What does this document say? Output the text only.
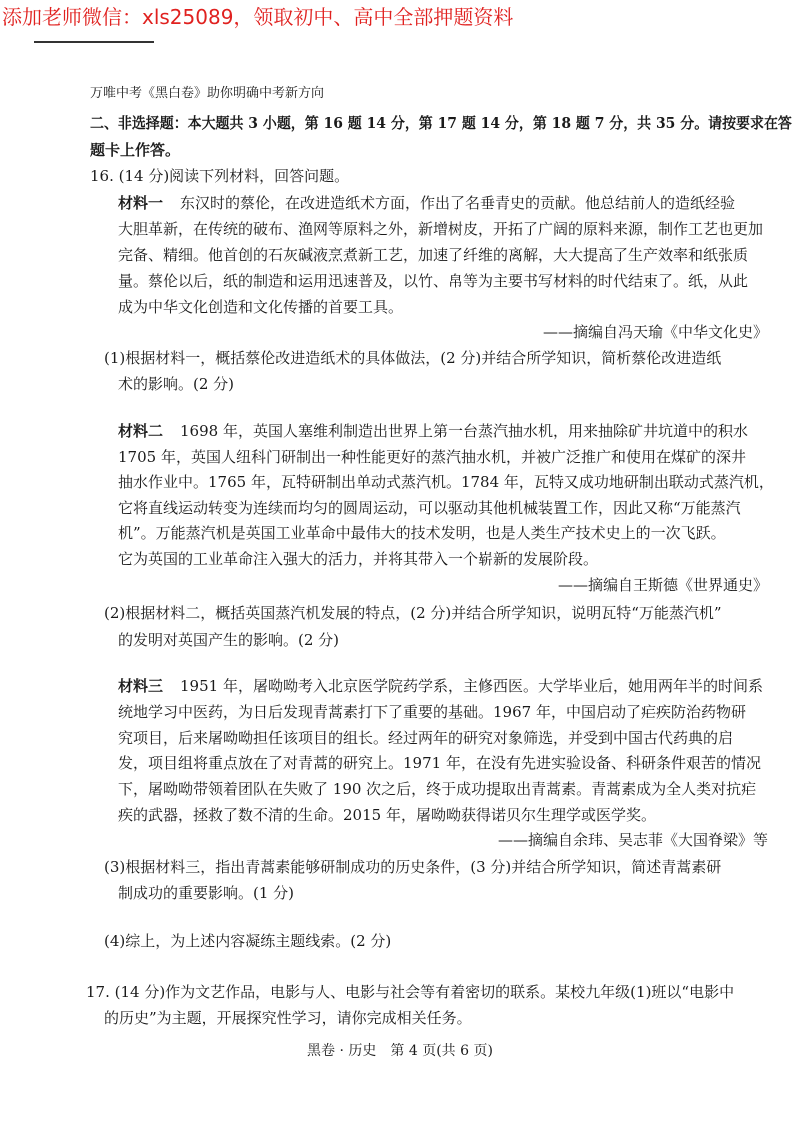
添加老师微信：xls25089，领取初中、高中全部押题资料
万唯中考《黑白卷》助你明确中考新方向
二、非选择题：本大题共 3 小题，第 16 题 14 分，第 17 题 14 分，第 18 题 7 分，共 35 分。请按要求在答
题卡上作答。
16. (14 分)阅读下列材料，回答问题。
材料一 东汉时的蔡伦，在改进造纸术方面，作出了名垂青史的贡献。他总结前人的造纸经验
大胆革新，在传统的破布、渔网等原料之外，新增树皮，开拓了广阔的原料来源，制作工艺也更加
完备、精细。他首创的石灰碱液烹煮新工艺，加速了纤维的离解，大大提高了生产效率和纸张质
量。蔡伦以后，纸的制造和运用迅速普及，以竹、帛等为主要书写材料的时代结束了。纸，从此
成为中华文化创造和文化传播的首要工具。
——摘编自冯天瑜《中华文化史》
(1)根据材料一，概括蔡伦改进造纸术的具体做法，(2 分)并结合所学知识，简析蔡伦改进造纸
术的影响。(2 分)
材料二 1698 年，英国人塞维利制造出世界上第一台蒸汽抽水机，用来抽除矿井坑道中的积水
1705 年，英国人纽科门研制出一种性能更好的蒸汽抽水机，并被广泛推广和使用在煤矿的深井
抽水作业中。1765 年，瓦特研制出单动式蒸汽机。1784 年，瓦特又成功地研制出联动式蒸汽机，
它将直线运动转变为连续而均匀的圆周运动，可以驱动其他机械装置工作，因此又称“万能蒸汽
机”。万能蒸汽机是英国工业革命中最伟大的技术发明，也是人类生产技术史上的一次飞跃。
它为英国的工业革命注入强大的活力，并将其带入一个崭新的发展阶段。
——摘编自王斯德《世界通史》
(2)根据材料二，概括英国蒸汽机发展的特点，(2 分)并结合所学知识，说明瓦特“万能蒸汽机”
的发明对英国产生的影响。(2 分)
材料三 1951 年，屠呦呦考入北京医学院药学系，主修西医。大学毕业后，她用两年半的时间系
统地学习中医药，为日后发现青蒿素打下了重要的基础。1967 年，中国启动了疟疾防治药物研
究项目，后来屠呦呦担任该项目的组长。经过两年的研究对象筛选，并受到中国古代药典的启
发，项目组将重点放在了对青蒿的研究上。1971 年，在没有先进实验设备、科研条件艰苦的情况
下，屠呦呦带领着团队在失败了 190 次之后，终于成功提取出青蒿素。青蒿素成为全人类对抗疟
疾的武器，拯救了数不清的生命。2015 年，屠呦呦获得诺贝尔生理学或医学奖。
——摘编自余玮、吴志菲《大国脊梁》等
(3)根据材料三，指出青蒿素能够研制成功的历史条件，(3 分)并结合所学知识，简述青蒿素研
制成功的重要影响。(1 分)
(4)综上，为上述内容凝练主题线索。(2 分)
17. (14 分)作为文艺作品，电影与人、电影与社会等有着密切的联系。某校九年级(1)班以“电影中
的历史”为主题，开展探究性学习，请你完成相关任务。
黑卷 · 历史　第 4 页(共 6 页)
